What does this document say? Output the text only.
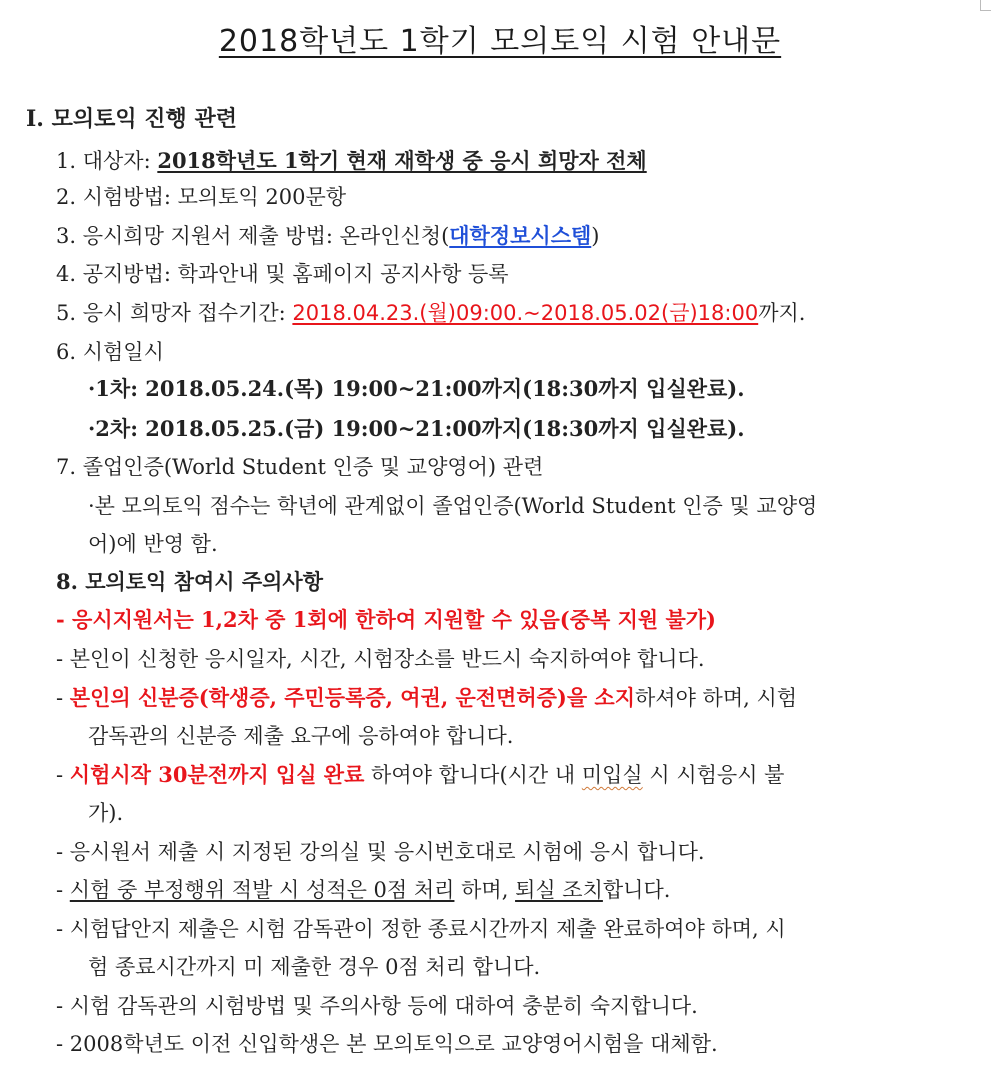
2018학년도 1학기 모의토익 시험 안내문
Ⅰ. 모의토익 진행 관련
1. 대상자: 2018학년도 1학기 현재 재학생 중 응시 희망자 전체
2. 시험방법: 모의토익 200문항
3. 응시희망 지원서 제출 방법: 온라인신청(대학정보시스템)
4. 공지방법: 학과안내 및 홈페이지 공지사항 등록
5. 응시 희망자 접수기간: 2018.04.23.(월)09:00.~2018.05.02(금)18:00까지.
6. 시험일시
·1차: 2018.05.24.(목) 19:00~21:00까지(18:30까지 입실완료).
·2차: 2018.05.25.(금) 19:00~21:00까지(18:30까지 입실완료).
7. 졸업인증(World Student 인증 및 교양영어) 관련
·본 모의토익 점수는 학년에 관계없이 졸업인증(World Student 인증 및 교양영
어)에 반영 함.
8. 모의토익 참여시 주의사항
- 응시지원서는 1,2차 중 1회에 한하여 지원할 수 있음(중복 지원 불가)
- 본인이 신청한 응시일자, 시간, 시험장소를 반드시 숙지하여야 합니다.
- 본인의 신분증(학생증, 주민등록증, 여권, 운전면허증)을 소지하셔야 하며, 시험
감독관의 신분증 제출 요구에 응하여야 합니다.
- 시험시작 30분전까지 입실 완료 하여야 합니다(시간 내 미입실 시 시험응시 불
가).
- 응시원서 제출 시 지정된 강의실 및 응시번호대로 시험에 응시 합니다.
- 시험 중 부정행위 적발 시 성적은 0점 처리 하며, 퇴실 조치합니다.
- 시험답안지 제출은 시험 감독관이 정한 종료시간까지 제출 완료하여야 하며, 시
험 종료시간까지 미 제출한 경우 0점 처리 합니다.
- 시험 감독관의 시험방법 및 주의사항 등에 대하여 충분히 숙지합니다.
- 2008학년도 이전 신입학생은 본 모의토익으로 교양영어시험을 대체함.
